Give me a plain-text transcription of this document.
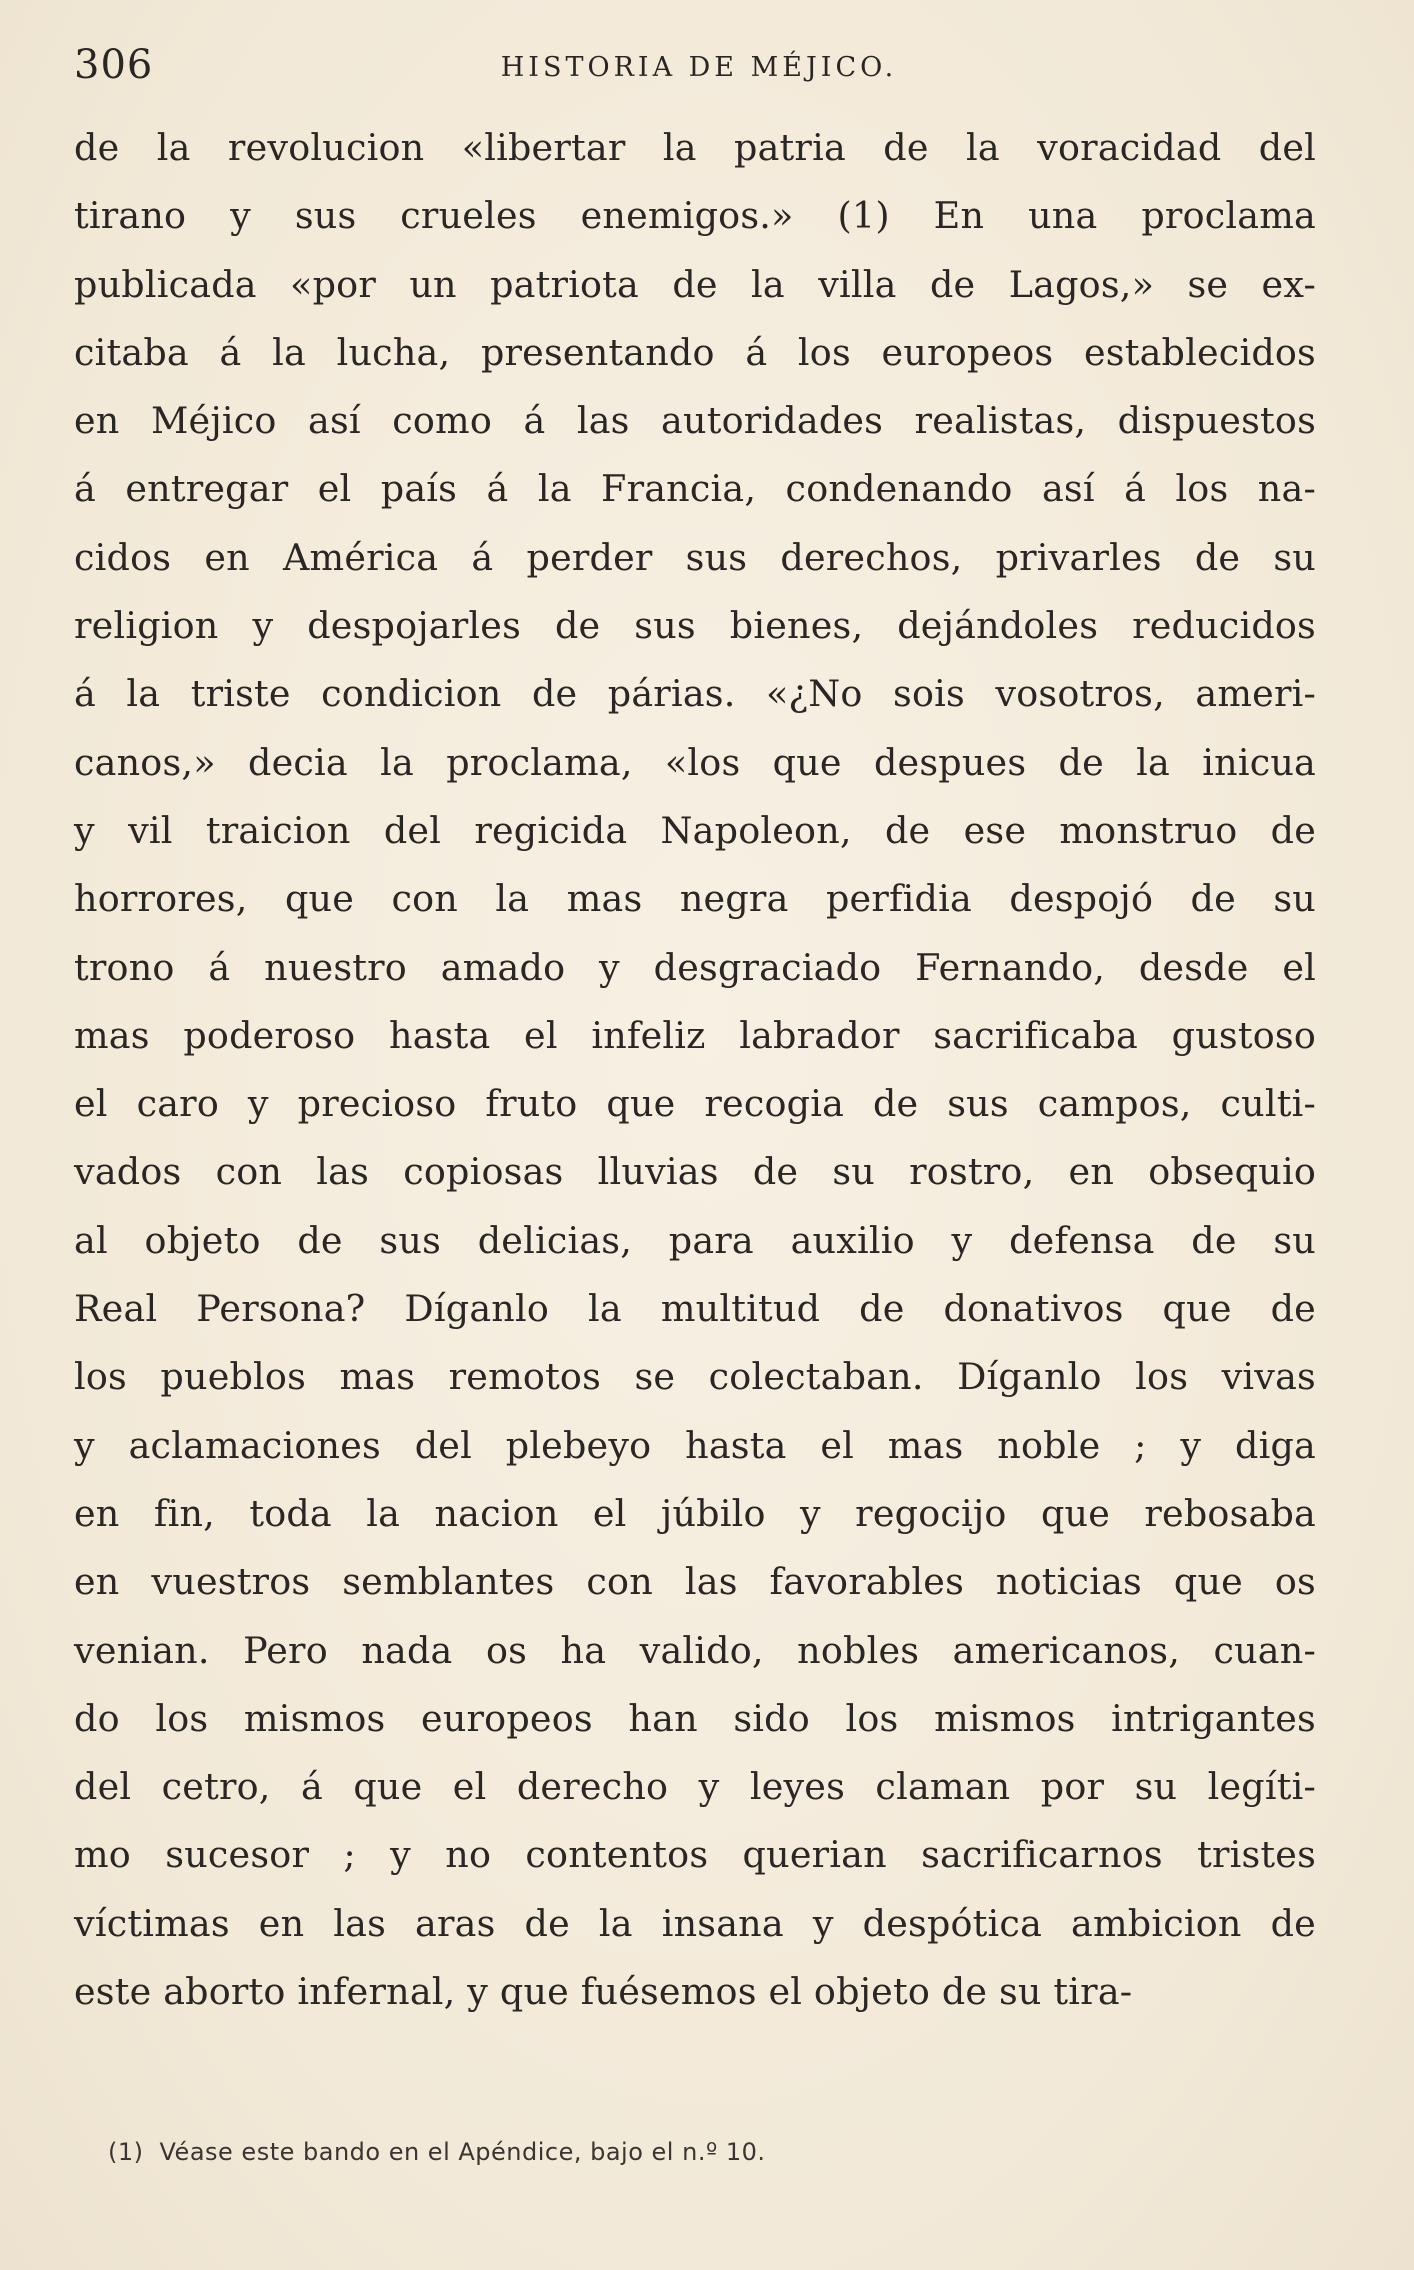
306	HISTORIA DE MÉJICO.
de la revolucion «libertar la patria de la voracidad del
tirano y sus crueles enemigos.» (1) En una proclama
publicada «por un patriota de la villa de Lagos,» se ex-
citaba á la lucha, presentando á los europeos establecidos
en Méjico así como á las autoridades realistas, dispuestos
á entregar el país á la Francia, condenando así á los na-
cidos en América á perder sus derechos, privarles de su
religion y despojarles de sus bienes, dejándoles reducidos
á la triste condicion de párias. «¿No sois vosotros, ameri-
canos,» decia la proclama, «los que despues de la inicua
y vil traicion del regicida Napoleon, de ese monstruo de
horrores, que con la mas negra perfidia despojó de su
trono á nuestro amado y desgraciado Fernando, desde el
mas poderoso hasta el infeliz labrador sacrificaba gustoso
el caro y precioso fruto que recogia de sus campos, culti-
vados con las copiosas lluvias de su rostro, en obsequio
al objeto de sus delicias, para auxilio y defensa de su
Real Persona? Díganlo la multitud de donativos que de
los pueblos mas remotos se colectaban. Díganlo los vivas
y aclamaciones del plebeyo hasta el mas noble ; y diga
en fin, toda la nacion el júbilo y regocijo que rebosaba
en vuestros semblantes con las favorables noticias que os
venian. Pero nada os ha valido, nobles americanos, cuan-
do los mismos europeos han sido los mismos intrigantes
del cetro, á que el derecho y leyes claman por su legíti-
mo sucesor ; y no contentos querian sacrificarnos tristes
víctimas en las aras de la insana y despótica ambicion de
este aborto infernal, y que fuésemos el objeto de su tira-
(1) Véase este bando en el Apéndice, bajo el n.º 10.
